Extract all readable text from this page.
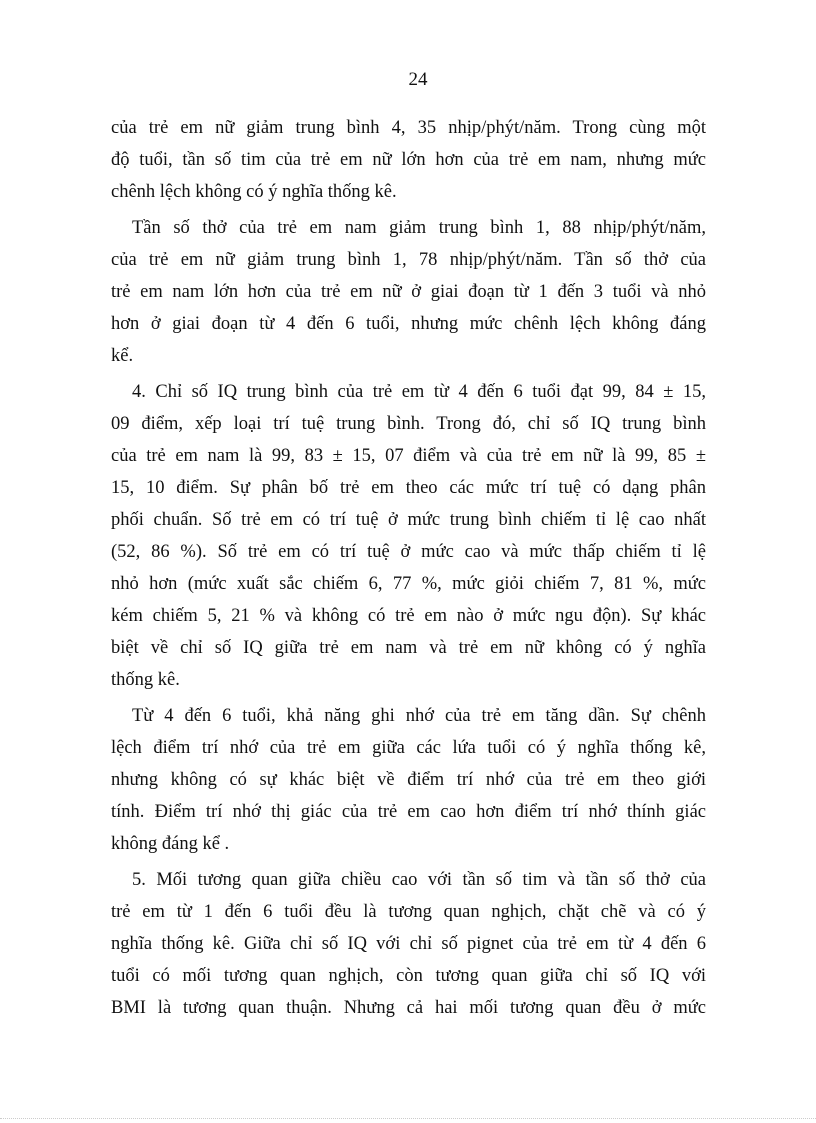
24
của trẻ em nữ giảm trung bình 4, 35 nhịp/phýt/năm. Trong cùng một
độ tuổi, tần số tim của trẻ em nữ lớn hơn của trẻ em nam, nhưng mức
chênh lệch không có ý nghĩa thống kê.
Tần số thở của trẻ em nam giảm trung bình 1, 88 nhịp/phýt/năm,
của trẻ em nữ giảm trung bình 1, 78 nhịp/phýt/năm. Tần số thở của
trẻ em nam lớn hơn của trẻ em nữ ở giai đoạn từ 1 đến 3 tuổi và nhỏ
hơn ở giai đoạn từ 4 đến 6 tuổi, nhưng mức chênh lệch không đáng
kể.
4. Chỉ số IQ trung bình của trẻ em từ 4 đến 6 tuổi đạt 99, 84 ± 15,
09 điểm, xếp loại trí tuệ trung bình. Trong đó, chỉ số IQ trung bình
của trẻ em nam là 99, 83 ± 15, 07 điểm và của trẻ em nữ là 99, 85 ±
15, 10 điểm. Sự phân bố trẻ em theo các mức trí tuệ có dạng phân
phối chuẩn. Số trẻ em có trí tuệ ở mức trung bình chiếm tỉ lệ cao nhất
(52, 86 %). Số trẻ em có trí tuệ ở mức cao và mức thấp chiếm tỉ lệ
nhỏ hơn (mức xuất sắc chiếm 6, 77 %, mức giỏi chiếm 7, 81 %, mức
kém chiếm 5, 21 % và không có trẻ em nào ở mức ngu độn). Sự khác
biệt về chỉ số IQ giữa trẻ em nam và trẻ em nữ không có ý nghĩa
thống kê.
Từ 4 đến 6 tuổi, khả năng ghi nhớ của trẻ em tăng dần. Sự chênh
lệch điểm trí nhớ của trẻ em giữa các lứa tuổi có ý nghĩa thống kê,
nhưng không có sự khác biệt về điểm trí nhớ của trẻ em theo giới
tính. Điểm trí nhớ thị giác của trẻ em cao hơn điểm trí nhớ thính giác
không đáng kể .
5. Mối tương quan giữa chiều cao với tần số tim và tần số thở của
trẻ em từ 1 đến 6 tuổi đều là tương quan nghịch, chặt chẽ và có ý
nghĩa thống kê. Giữa chỉ số IQ với chỉ số pignet của trẻ em từ 4 đến 6
tuổi có mối tương quan nghịch, còn tương quan giữa chỉ số IQ với
BMI là tương quan thuận. Nhưng cả hai mối tương quan đều ở mức
